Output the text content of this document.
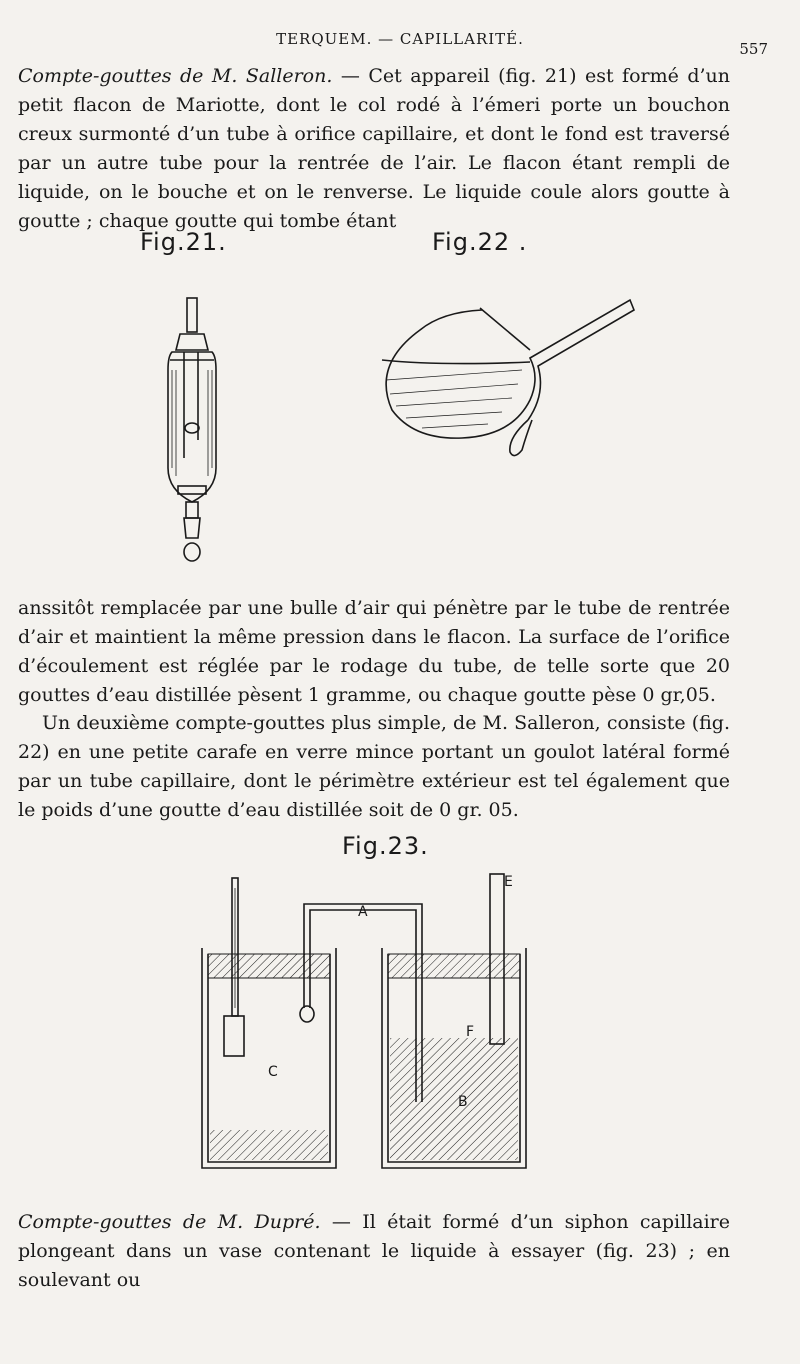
TERQUEM. — CAPILLARITÉ.
557

Compte-gouttes de M. Salleron. — Cet appareil (fig. 21) est formé d’un petit flacon de Mariotte, dont le col rodé à l’émeri porte un bouchon creux surmonté d’un tube à orifice capillaire, et dont le fond est traversé par un autre tube pour la rentrée de l’air. Le flacon étant rempli de liquide, on le bouche et on le renverse. Le liquide coule alors goutte à goutte ; chaque goutte qui tombe étant

Fig.21.	Fig.22 .

anssitôt remplacée par une bulle d’air qui pénètre par le tube de rentrée d’air et maintient la même pression dans le flacon. La surface de l’orifice d’écoulement est réglée par le rodage du tube, de telle sorte que 20 gouttes d’eau distillée pèsent 1 gramme, ou chaque goutte pèse 0 gr,05.

Un deuxième compte-gouttes plus simple, de M. Salleron, consiste (fig. 22) en une petite carafe en verre mince portant un goulot latéral formé par un tube capillaire, dont le périmètre extérieur est tel également que le poids d’une goutte d’eau distillée soit de 0 gr. 05.

Fig.23.
A
B
C
E
F

Compte-gouttes de M. Dupré. — Il était formé d’un siphon capillaire plongeant dans un vase contenant le liquide à essayer (fig. 23) ; en soulevant ou
